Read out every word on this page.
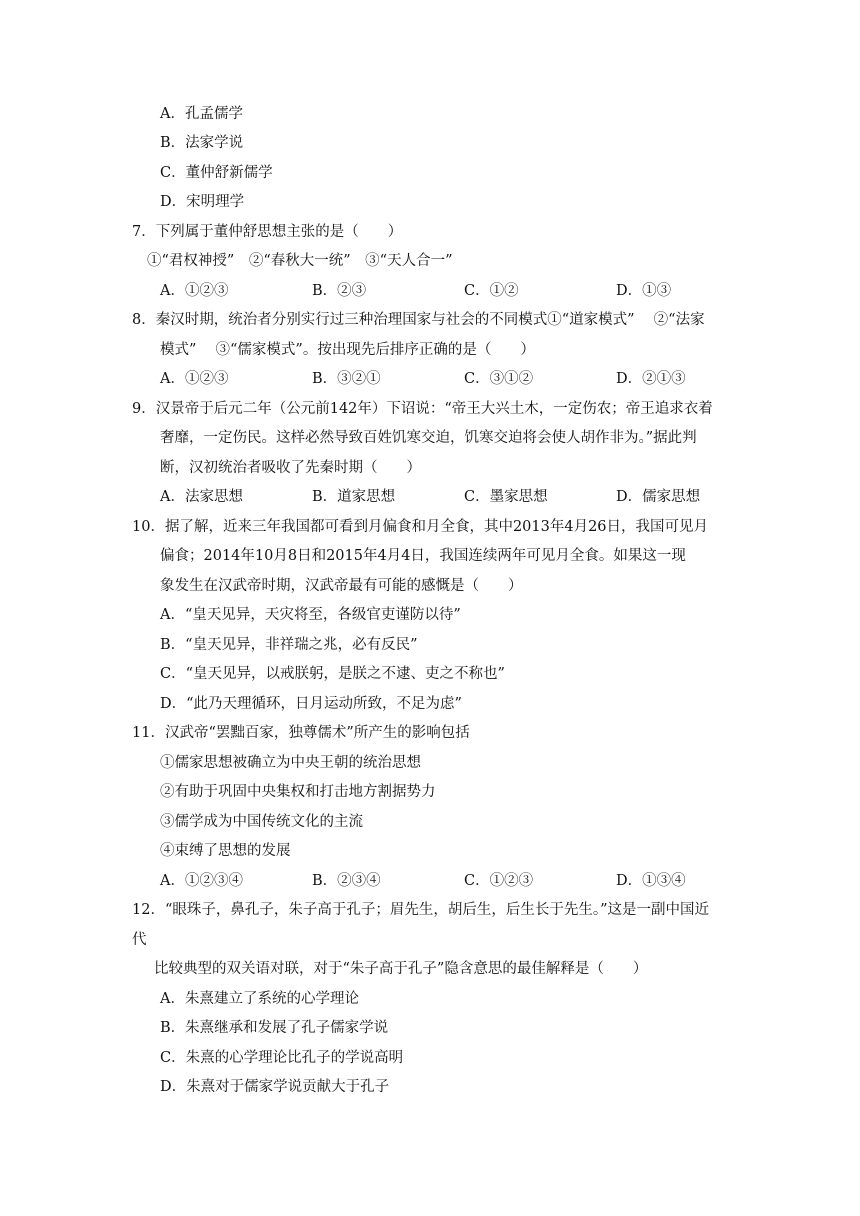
A．孔孟儒学
B．法家学说
C．董仲舒新儒学
D．宋明理学
7．下列属于董仲舒思想主张的是（　　）
①“君权神授”　②“春秋大一统”　③“天人合一”
A．①②③	B．②③	C．①②	D．①③
8．秦汉时期，统治者分别实行过三种治理国家与社会的不同模式①“道家模式”　 ②“法家
模式”　 ③“儒家模式”。按出现先后排序正确的是（　　）
A．①②③	B．③②①	C．③①②	D．②①③
9．汉景帝于后元二年（公元前142年）下诏说：“帝王大兴土木，一定伤农；帝王追求衣着
奢靡，一定伤民。这样必然导致百姓饥寒交迫，饥寒交迫将会使人胡作非为。”据此判
断，汉初统治者吸收了先秦时期（　　）
A．法家思想	B．道家思想	C．墨家思想	D．儒家思想
10．据了解，近来三年我国都可看到月偏食和月全食，其中2013年4月26日，我国可见月
偏食；2014年10月8日和2015年4月4日，我国连续两年可见月全食。如果这一现
象发生在汉武帝时期，汉武帝最有可能的感慨是（　　）
A．“皇天见异，天灾将至，各级官吏谨防以待”
B．“皇天见异，非祥瑞之兆，必有反民”
C．“皇天见异，以戒朕躬，是朕之不逮、吏之不称也”
D．“此乃天理循环，日月运动所致，不足为虑”
11．汉武帝“罢黜百家，独尊儒术”所产生的影响包括
①儒家思想被确立为中央王朝的统治思想
②有助于巩固中央集权和打击地方割据势力
③儒学成为中国传统文化的主流
④束缚了思想的发展
A．①②③④	B．②③④	C．①②③	D．①③④
12．“眼珠子，鼻孔子，朱子高于孔子；眉先生，胡后生，后生长于先生。”这是一副中国近
代
比较典型的双关语对联，对于“朱子高于孔子”隐含意思的最佳解释是（　　）
A．朱熹建立了系统的心学理论
B．朱熹继承和发展了孔子儒家学说
C．朱熹的心学理论比孔子的学说高明
D．朱熹对于儒家学说贡献大于孔子
